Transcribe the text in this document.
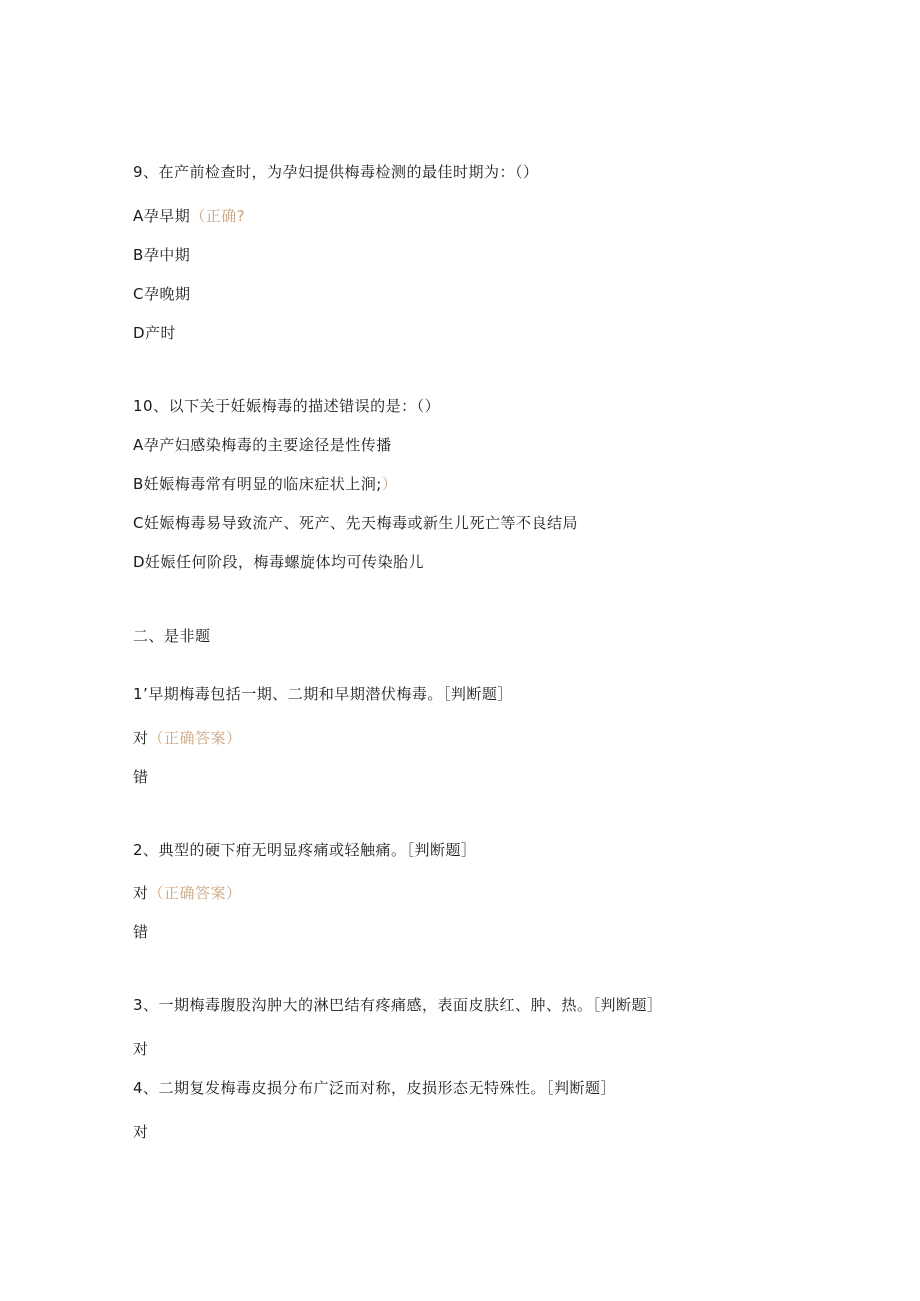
9、在产前检查时，为孕妇提供梅毒检测的最佳时期为：（）
A孕早期（正确?
B孕中期
C孕晚期
D产时
10、以下关于妊娠梅毒的描述错误的是：（）
A孕产妇感染梅毒的主要途径是性传播
B妊娠梅毒常有明显的临床症状上涧;）
C妊娠梅毒易导致流产、死产、先天梅毒或新生儿死亡等不良结局
D妊娠任何阶段，梅毒螺旋体均可传染胎儿
二、是非题
1’早期梅毒包括一期、二期和早期潜伏梅毒。［判断题］
对（正确答案）
错
2、典型的硬下疳无明显疼痛或轻触痛。［判断题］
对（正确答案）
错
3、一期梅毒腹股沟肿大的淋巴结有疼痛感，表面皮肤红、肿、热。［判断题］
对
4、二期复发梅毒皮损分布广泛而对称，皮损形态无特殊性。［判断题］
对
